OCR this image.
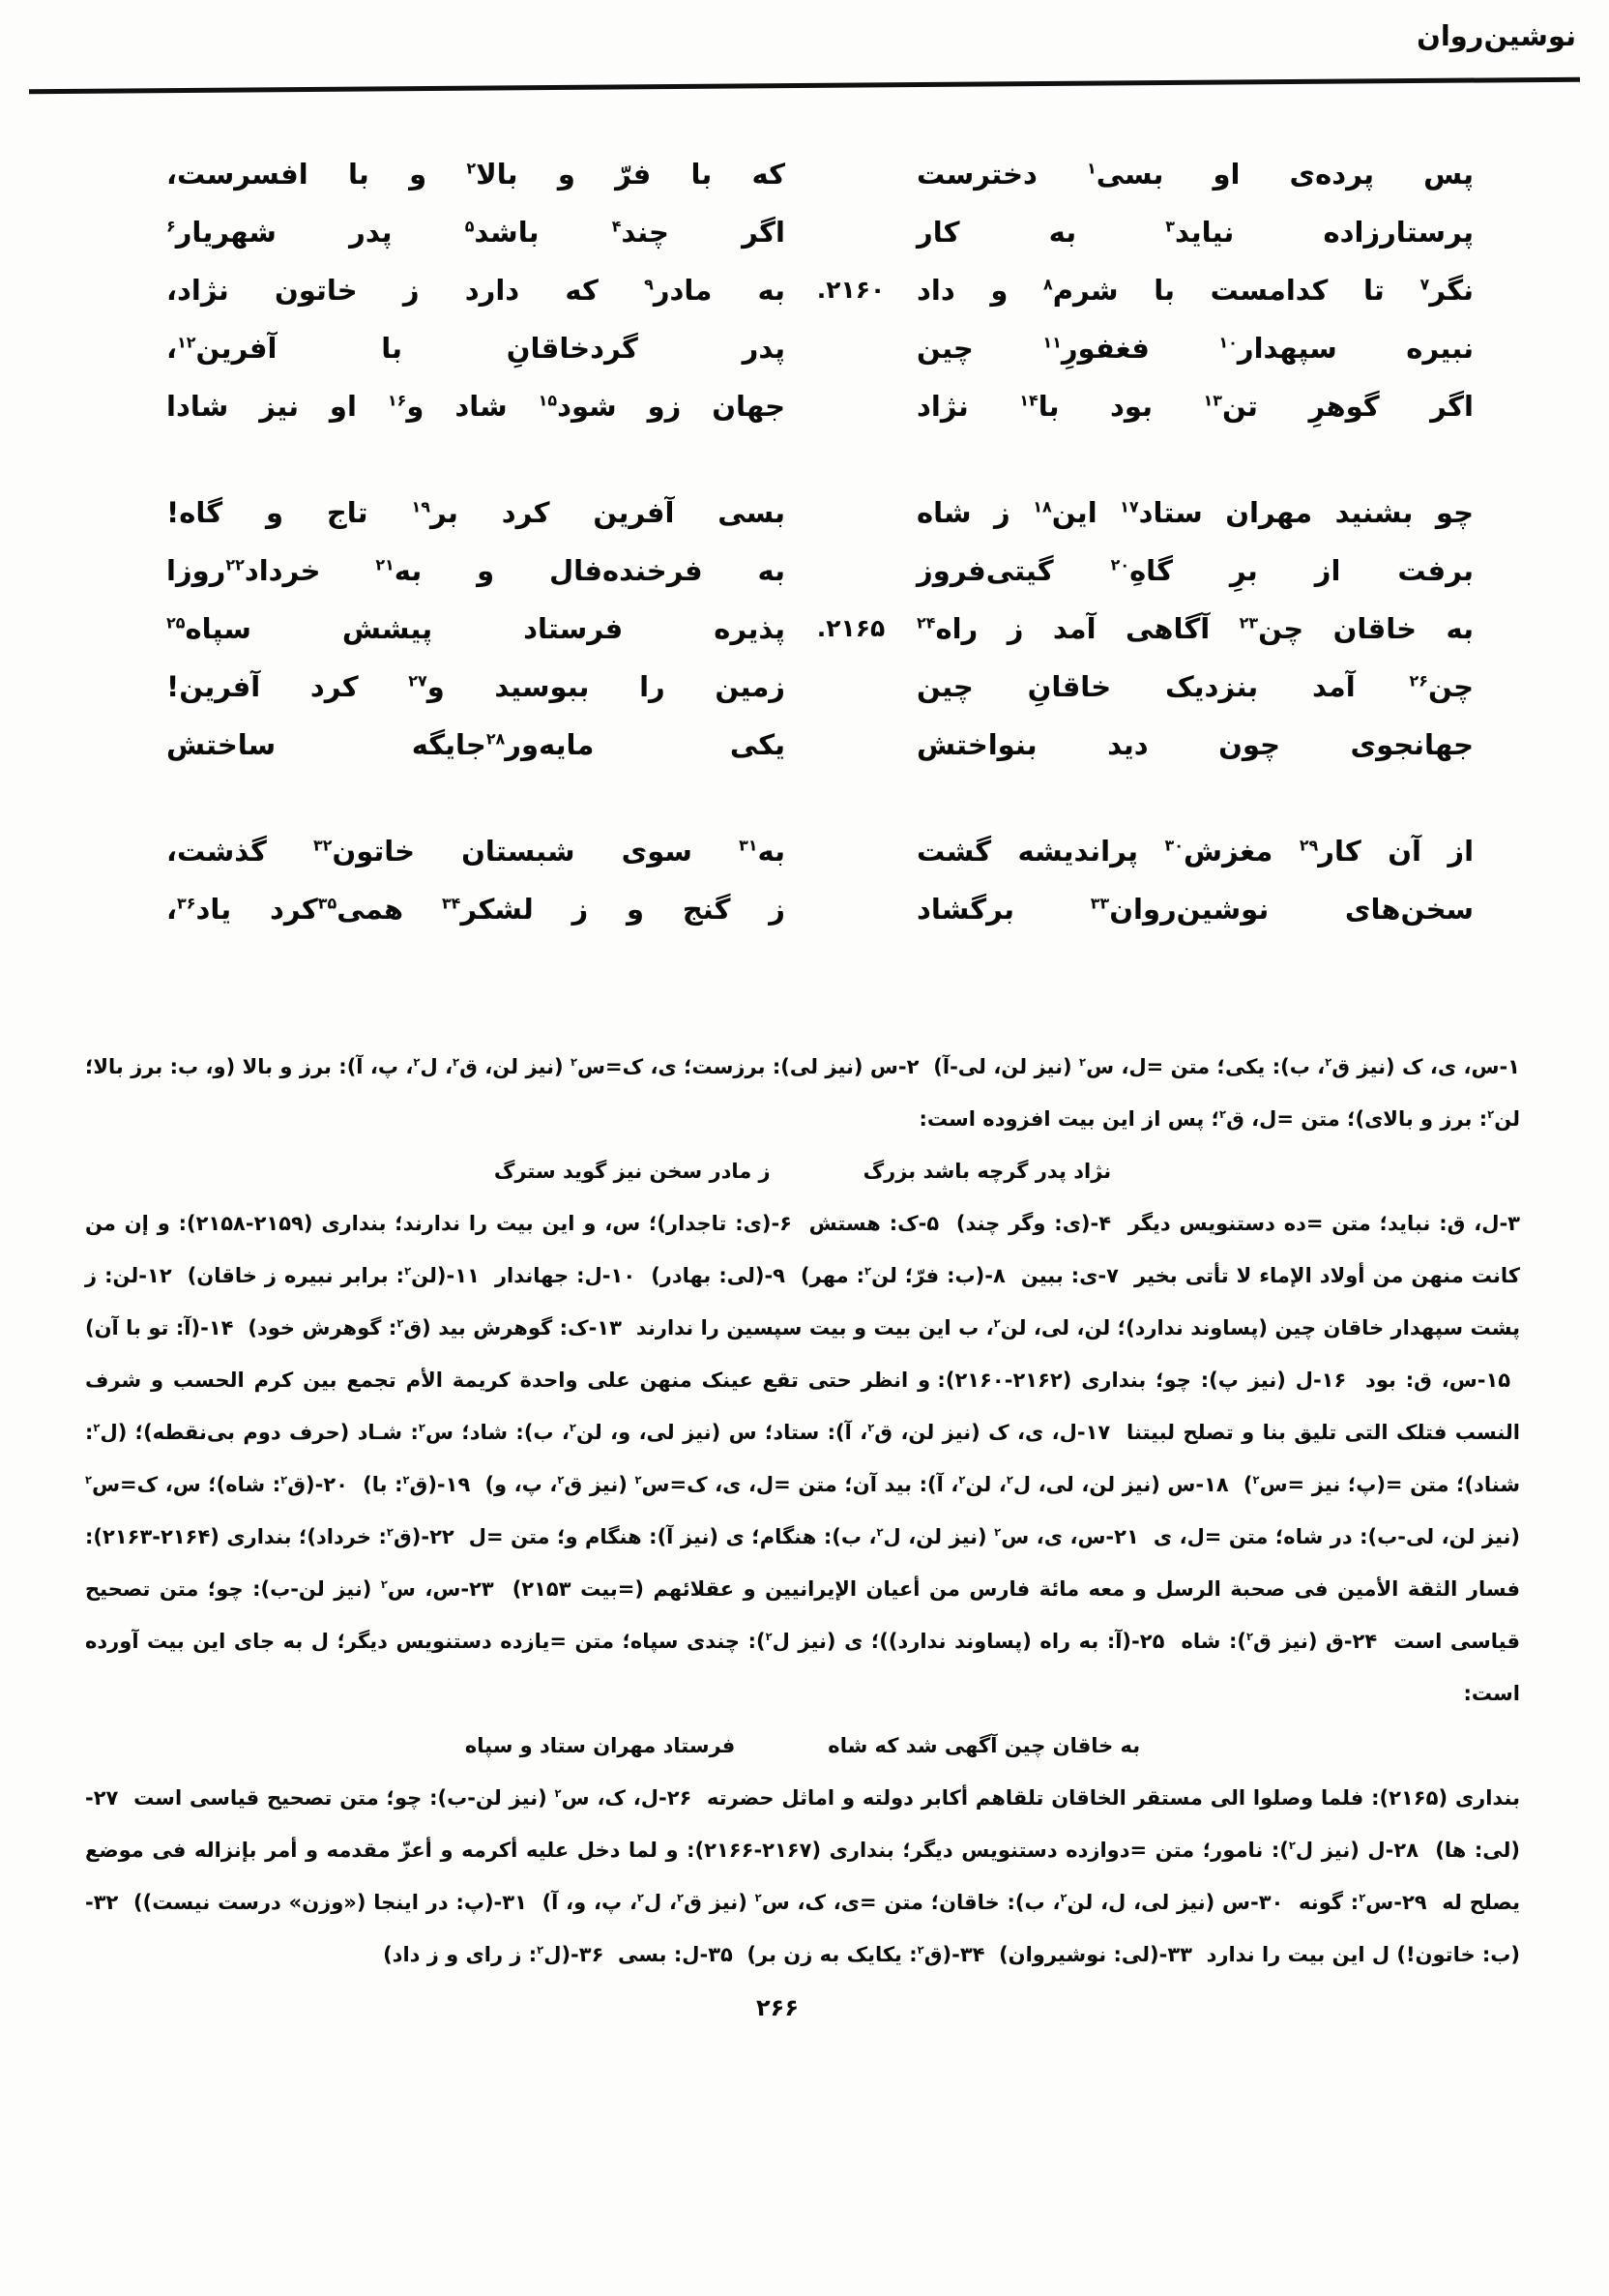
نوشین‌روان
پس پرده‌ی او بسی$^۱$ دخترست
که با فرّ و بالا$^۲$ و با افسرست،
پرستارزاده نیاید$^۳$ به کار
اگر چند$^۴$ باشد$^۵$ پدر شهریار$^۶$
نگر$^۷$ تا کدامست با شرم$^۸$ و داد
۲۱۶۰.
به مادر$^۹$ که دارد ز خاتون نژاد،
نبیره سپهدار$^{۱۰}$ فغفورِ$^{۱۱}$ چین
پدر گردخاقانِ با آفرین$^{۱۲}$،
اگر گوهرِ تن$^{۱۳}$ بود با$^{۱۴}$ نژاد
جهان زو شود$^{۱۵}$ شاد و$^{۱۶}$ او نیز شادا
چو بشنید مهران ستاد$^{۱۷}$ این$^{۱۸}$ ز شاه
بسی آفرین کرد بر$^{۱۹}$ تاج و گاه!
برفت از برِ گاهِ$^{۲۰}$ گیتی‌فروز
به فرخنده‌فال و به$^{۲۱}$ خرداد$^{۲۲}$روزا
به خاقان چن$^{۲۳}$ آگاهی آمد ز راه$^{۲۴}$
۲۱۶۵.
پذیره فرستاد پیشش سپاه$^{۲۵}$
چن$^{۲۶}$ آمد بنزدیک خاقانِ چین
زمین را ببوسید و$^{۲۷}$ کرد آفرین!
جهانجوی چون دید بنواختش
یکی مایه‌ور$^{۲۸}$جایگه ساختش
از آن کار$^{۲۹}$ مغزش$^{۳۰}$ پراندیشه گشت
به$^{۳۱}$ سوی شبستان خاتون$^{۳۲}$ گذشت،
سخن‌های نوشین‌روان$^{۳۳}$ برگشاد
ز گنج و ز لشکر$^{۳۴}$ همی$^{۳۵}$کرد یاد$^{۳۶}$،

۱-س، ی، ک (نیز ق$^۲$، ب): یکی؛ متن =ل، س$^۲$ (نیز لن، لی-آ) ‌ ۲-س (نیز لی): برزست؛ ی، ک=س$^۲$ (نیز لن، ق$^۲$، ل$^۲$، پ، آ): برز و بالا (و، ب: برز بالا؛ لن$^۲$: برز و بالای)؛ متن =ل، ق$^۲$؛ پس از این بیت افزوده است:

نژاد پدر گرچه باشد بزرگز مادر سخن نیز گوید سترگ

۳-ل، ق: نباید؛ متن =ده دستنویس دیگر ‌ ۴-(ی: وگر چند) ‌ ۵-ک: هستش ‌ ۶-(ی: تاجدار)؛ س، و این بیت را ندارند؛ بنداری (۲۱۵۹-۲۱۵۸): و إن من کانت منهن من أولاد الإماء لا تأتی بخیر ‌ ۷-ی: ببین ‌ ۸-(ب: فرّ؛ لن$^۲$: مهر) ‌ ۹-(لی: بهادر) ‌ ۱۰-ل: جهاندار ‌ ۱۱-(لن$^۲$: برابر نبیره ز خاقان) ‌ ۱۲-لن: ز پشت سپهدار خاقان چین (پساوند ندارد)؛ لن، لی، لن$^۲$، ب این بیت و بیت سپسین را ندارند ‌ ۱۳-ک: گوهرش بید (ق$^۲$: گوهرش خود) ‌ ۱۴-(آ: تو با آن) ‌ ۱۵-س، ق: بود ‌ ۱۶-ل (نیز پ): چو؛ بنداری (۲۱۶۲-۲۱۶۰): و انظر حتی تقع عینک منهن علی واحدة کریمة الأم تجمع بین کرم الحسب و شرف النسب فتلک التی تلیق بنا و تصلح لبیتنا ‌ ۱۷-ل، ی، ک (نیز لن، ق$^۲$، آ): ستاد؛ س (نیز لی، و، لن$^۲$، ب): شاد؛ س$^۲$: شـاد (حرف دوم بی‌نقطه)؛ (ل$^۲$: شناد)؛ متن =(پ؛ نیز =س$^۲$) ‌ ۱۸-س (نیز لن، لی، ل$^۲$، لن$^۲$، آ): بید آن؛ متن =ل، ی، ک=س$^۲$ (نیز ق$^۲$، پ، و) ‌ ۱۹-(ق$^۲$: با) ‌ ۲۰-(ق$^۲$: شاه)؛ س، ک=س$^۲$ (نیز لن، لی-ب): در شاه؛ متن =ل، ی ‌ ۲۱-س، ی، س$^۲$ (نیز لن، ل$^۲$، ب): هنگام؛ ی (نیز آ): هنگام و؛ متن =ل ‌ ۲۲-(ق$^۲$: خرداد)؛ بنداری (۲۱۶۴-۲۱۶۳): فسار الثقة الأمین فی صحبة الرسل و معه مائة فارس من أعیان الإیرانیین و عقلائهم (=بیت ۲۱۵۳) ‌ ۲۳-س، س$^۲$ (نیز لن-ب): چو؛ متن تصحیح قیاسی است ‌ ۲۴-ق (نیز ق$^۲$): شاه ‌ ۲۵-(آ: به راه (پساوند ندارد))؛ ی (نیز ل$^۲$): چندی سپاه؛ متن =یازده دستنویس دیگر؛ ل به جای این بیت آورده است:

به خاقان چین آگهی شد که شاهفرستاد مهران ستاد و سپاه

بنداری (۲۱۶۵): فلما وصلوا الی مستقر الخاقان تلقاهم أکابر دولته و اماثل حضرته ‌ ۲۶-ل، ک، س$^۲$ (نیز لن-ب): چو؛ متن تصحیح قیاسی است ‌ ۲۷-(لی: ها) ‌ ۲۸-ل (نیز ل$^۲$): نامور؛ متن =دوازده دستنویس دیگر؛ بنداری (۲۱۶۷-۲۱۶۶): و لما دخل علیه أکرمه و أعزّ مقدمه و أمر بإنزاله فی موضع یصلح له ‌ ۲۹-س$^۲$: گونه ‌ ۳۰-س (نیز لی، ل، لن$^۲$، ب): خاقان؛ متن =ی، ک، س$^۲$ (نیز ق$^۲$، ل$^۲$، پ، و، آ) ‌ ۳۱-(پ: در اینجا («وزن» درست نیست)) ‌ ۳۲-(ب: خاتون!) ل این بیت را ندارد ‌ ۳۳-(لی: نوشیروان) ‌ ۳۴-(ق$^۲$: یکایک به زن بر) ‌ ۳۵-ل: بسی ‌ ۳۶-(ل$^۲$: ز رای و ز داد)

۲۶۶
